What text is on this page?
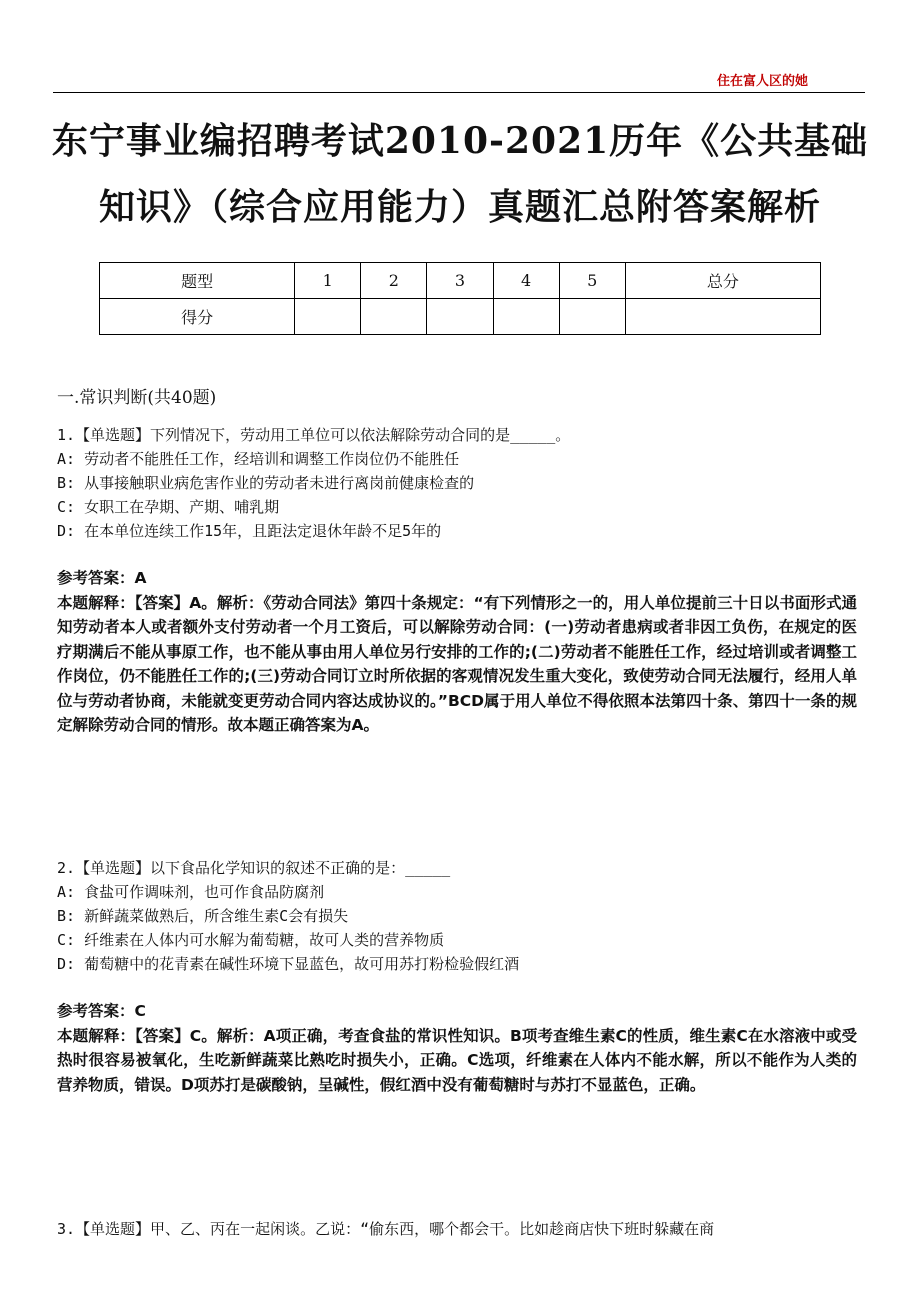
住在富人区的她
东宁事业编招聘考试2010-2021历年《公共基础知识》（综合应用能力）真题汇总附答案解析
题型	1	2	3	4	5	总分
得分						
一.常识判断(共40题)

1.【单选题】下列情况下，劳动用工单位可以依法解除劳动合同的是_____。

A: 劳动者不能胜任工作，经培训和调整工作岗位仍不能胜任

B: 从事接触职业病危害作业的劳动者未进行离岗前健康检查的

C: 女职工在孕期、产期、哺乳期

D: 在本单位连续工作15年，且距法定退休年龄不足5年的

参考答案：A

本题解释：【答案】A。解析：《劳动合同法》第四十条规定：“有下列情形之一的，用人单位提前三十日以书面形式通知劳动者本人或者额外支付劳动者一个月工资后，可以解除劳动合同：(一)劳动者患病或者非因工负伤，在规定的医疗期满后不能从事原工作，也不能从事由用人单位另行安排的工作的;(二)劳动者不能胜任工作，经过培训或者调整工作岗位，仍不能胜任工作的;(三)劳动合同订立时所依据的客观情况发生重大变化，致使劳动合同无法履行，经用人单位与劳动者协商，未能就变更劳动合同内容达成协议的。”BCD属于用人单位不得依照本法第四十条、第四十一条的规定解除劳动合同的情形。故本题正确答案为A。

2.【单选题】以下食品化学知识的叙述不正确的是：_____

A: 食盐可作调味剂，也可作食品防腐剂

B: 新鲜蔬菜做熟后，所含维生素C会有损失

C: 纤维素在人体内可水解为葡萄糖，故可人类的营养物质

D: 葡萄糖中的花青素在碱性环境下显蓝色，故可用苏打粉检验假红酒

参考答案：C

本题解释：【答案】C。解析：A项正确，考查食盐的常识性知识。B项考查维生素C的性质，维生素C在水溶液中或受热时很容易被氧化，生吃新鲜蔬菜比熟吃时损失小，正确。C选项，纤维素在人体内不能水解，所以不能作为人类的营养物质，错误。D项苏打是碳酸钠，呈碱性，假红酒中没有葡萄糖时与苏打不显蓝色，正确。

3.【单选题】甲、乙、丙在一起闲谈。乙说：“偷东西，哪个都会干。比如趁商店快下班时躲藏在商
